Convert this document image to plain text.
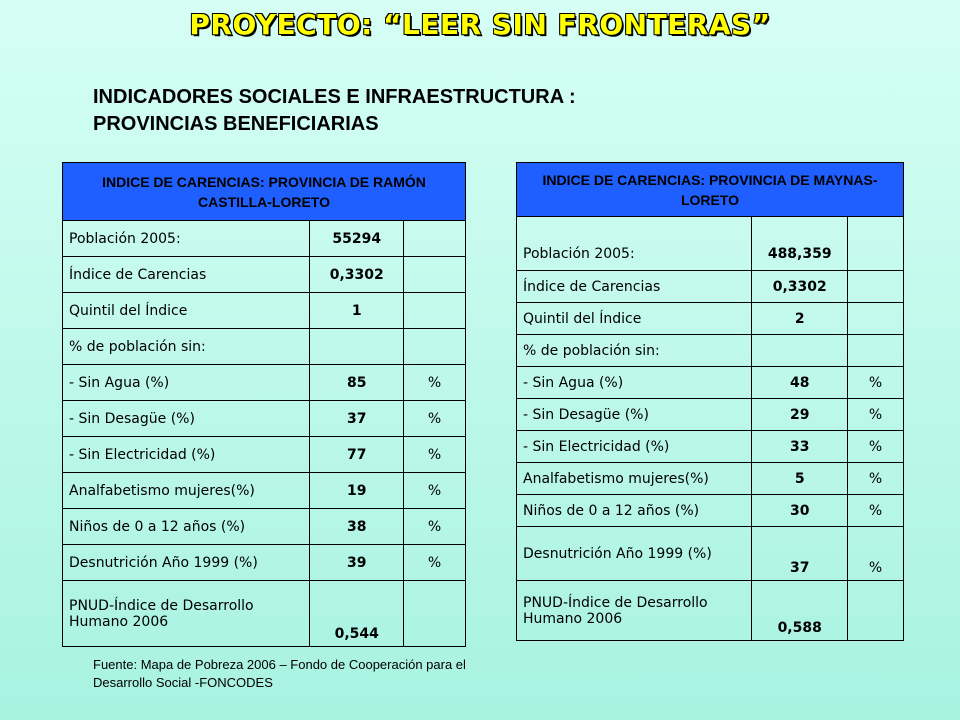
PROYECTO: “LEER SIN FRONTERAS”
INDICADORES SOCIALES E INFRAESTRUCTURA :
PROVINCIAS BENEFICIARIAS
INDICE DE CARENCIAS: PROVINCIA DE RAMÓN CASTILLA-LORETO		
Población 2005:	55294	
Índice de Carencias	0,3302	
Quintil del Índice	1	
% de población sin:		
- Sin Agua (%)	85	%
- Sin Desagüe (%)	37	%
- Sin Electricidad (%)	77	%
Analfabetismo mujeres(%)	19	%
Niños de 0 a 12 años (%)	38	%
Desnutrición Año 1999 (%)	39	%
PNUD-Índice de Desarrollo Humano 2006	0,544	
INDICE DE CARENCIAS: PROVINCIA DE MAYNAS-LORETO		
Población 2005:	488,359	
Índice de Carencias	0,3302	
Quintil del Índice	2	
% de población sin:		
- Sin Agua (%)	48	%
- Sin Desagüe (%)	29	%
- Sin Electricidad (%)	33	%
Analfabetismo mujeres(%)	5	%
Niños de 0 a 12 años (%)	30	%
Desnutrición Año 1999 (%)	37	%
PNUD-Índice de Desarrollo Humano 2006	0,588	
Fuente: Mapa de Pobreza 2006 – Fondo de Cooperación para el
Desarrollo Social -FONCODES
